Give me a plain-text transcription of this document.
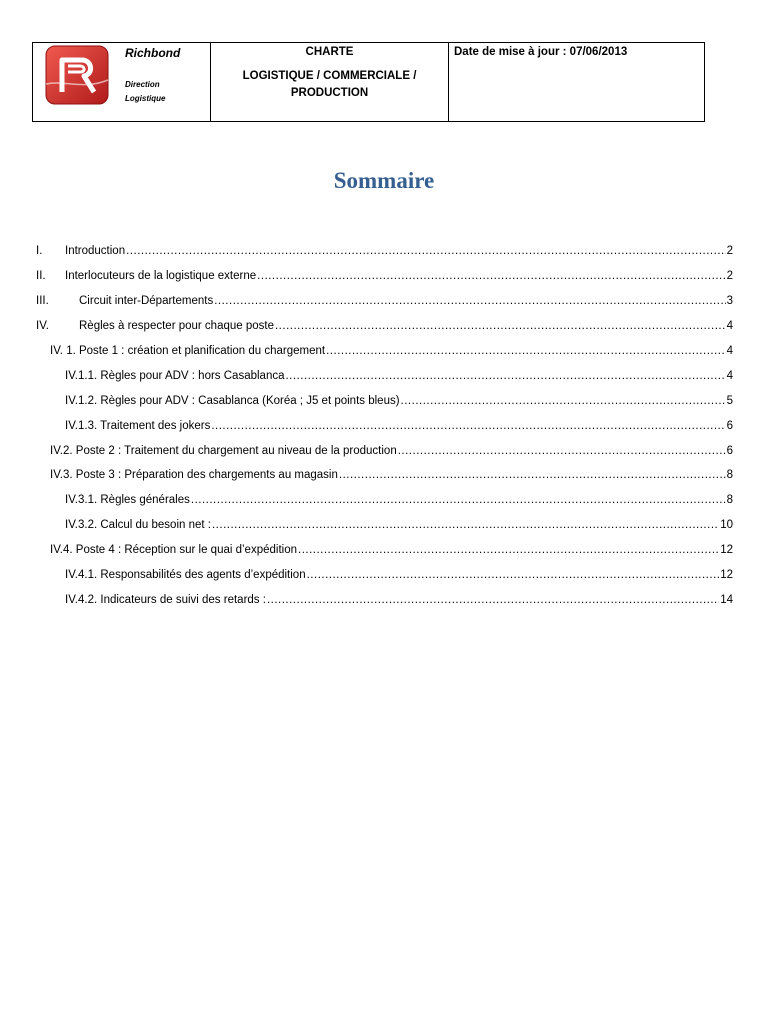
Richbond
Direction
Logistique

CHARTE
LOGISTIQUE / COMMERCIALE / PRODUCTION

Date de mise à jour : 07/06/2013
Sommaire
I.	Introduction .....	2
II.	Interlocuteurs de la logistique externe .....	2
III.	Circuit inter-Départements .....	3
IV.	Règles à respecter pour chaque poste .....	4
IV. 1. Poste 1 : création et planification du chargement .....	4
IV.1.1. Règles pour ADV : hors Casablanca .....	4
IV.1.2. Règles pour ADV : Casablanca (Koréa ; J5 et points bleus) .....	5
IV.1.3. Traitement des jokers .....	6
IV.2. Poste 2 : Traitement du chargement au niveau de la production .....	6
IV.3. Poste 3 : Préparation des chargements au magasin .....	8
IV.3.1. Règles générales .....	8
IV.3.2. Calcul du besoin net : .....	10
IV.4. Poste 4 : Réception sur le quai d’expédition .....	12
IV.4.1. Responsabilités des agents d’expédition .....	12
IV.4.2. Indicateurs de suivi des retards : .....	14
